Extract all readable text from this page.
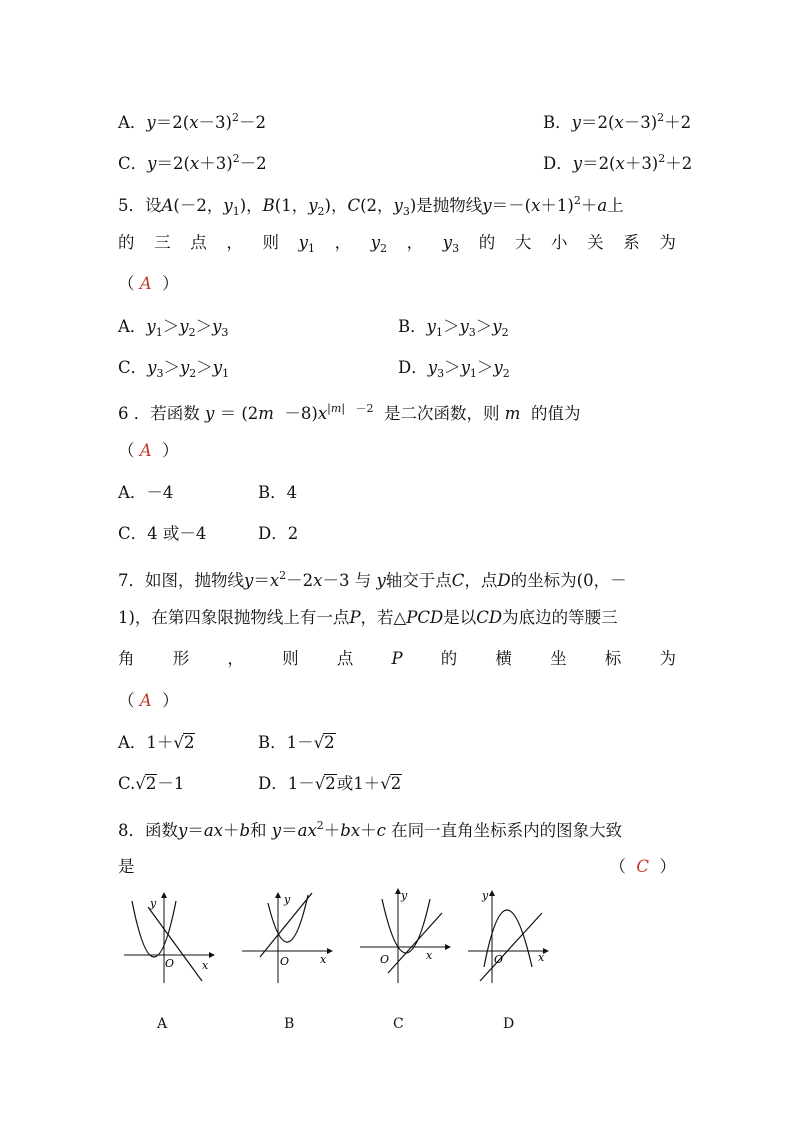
A．$y=2(x-3)^2-2$	B．$y=2(x-3)^2+2$
C．$y=2(x+3)^2-2$	D．$y=2(x+3)^2+2$
5．设A(－2，$y_1$)，B(1，$y_2$)，C(2，$y_3$)是抛物线$y=-(x+1)^2+a$上
的 三 点 ， 则 $y_1$ ， $y_2$ ， $y_3$ 的 大 小 关 系 为
（ A ）
A．$y_1>y_2>y_3$	B．$y_1>y_3>y_2$
C．$y_3>y_2>y_1$	D．$y_3>y_1>y_2$
6 ．若函数 $y = (2m -8)x^{|m| -2}$ 是二次函数，则 m 的值为
（ A ）
A．－4	B．4
C．4 或－4	D．2
7．如图，抛物线$y=x^2-2x-3$ 与 y轴交于点C，点D的坐标为(0，－
1)，在第四象限抛物线上有一点P，若△PCD是以CD为底边的等腰三
角 形 ， 则 点 P 的 横 坐 标 为
（ A ）
A．1＋√2	B．1－√2
C.√2－1	D．1－√2或1＋√2
8．函数y＝ax＋b和 $y=ax^2+bx+c$ 在同一直角坐标系内的图象大致
是	（ C ）
y
x
O
A
y
x
O
B
y
x
O
C
y
x
O
D
